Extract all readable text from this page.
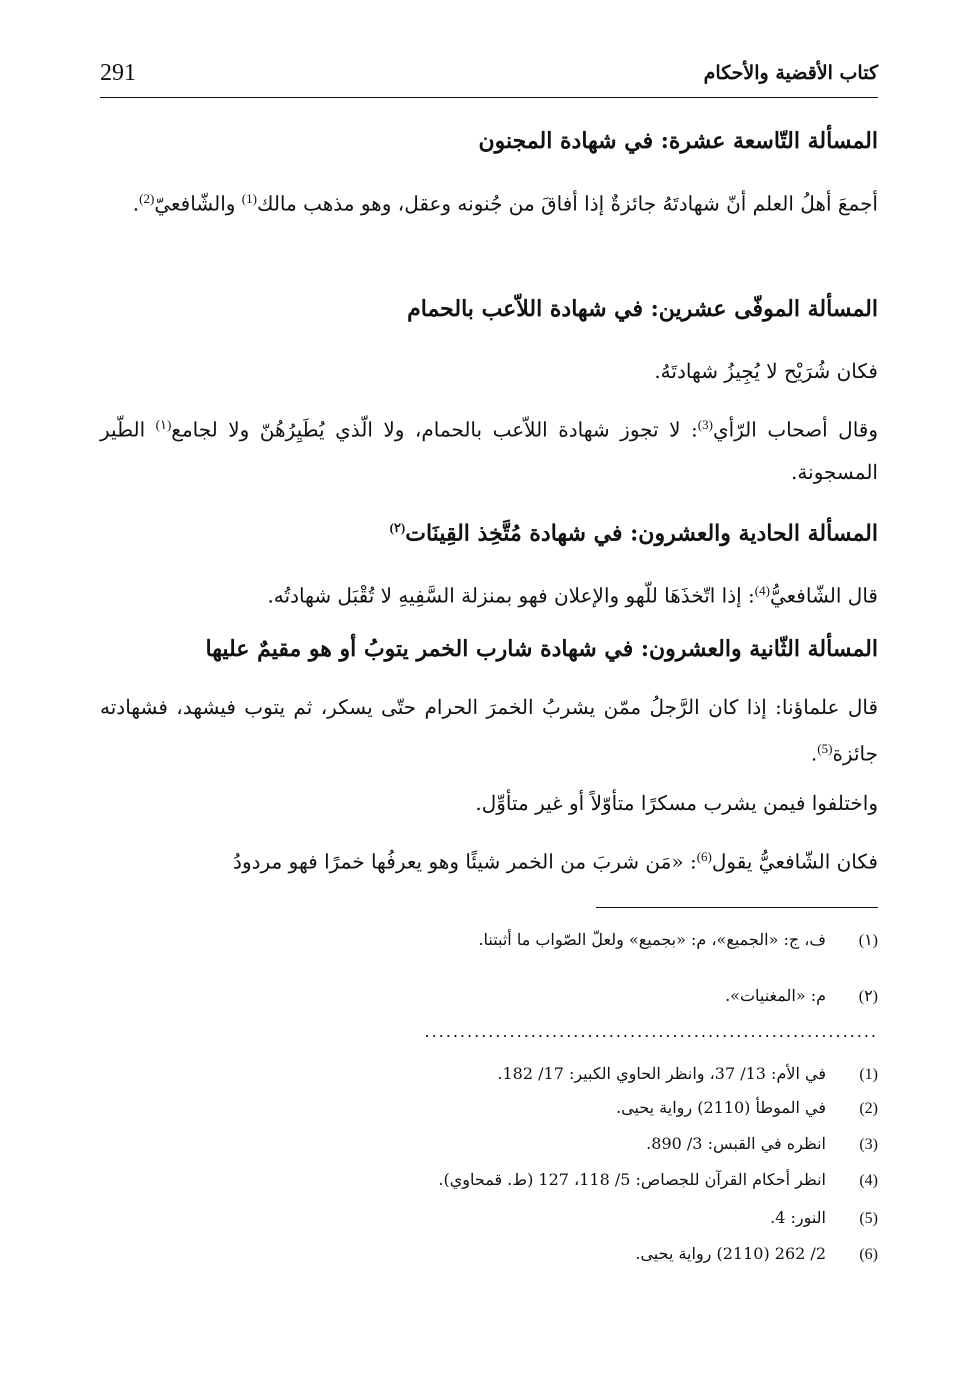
291	كتاب الأقضية والأحكام
المسألة التّاسعة عشرة: في شهادة المجنون
أجمعَ أهلُ العلم أنّ شهادتَهُ جائزةٌ إذا أفاقَ من جُنونه وعقل، وهو مذهب مالك$^{(1)}$ والشّافعيّ$^{(2)}$.
المسألة الموفّى عشرين: في شهادة اللاّعب بالحمام
فكان شُرَيْح لا يُجِيزُ شهادتَهُ.
وقال أصحاب الرّأي$^{(3)}$: لا تجوز شهادة اللاّعب بالحمام، ولا الّذي يُطَيِرُهُنّ ولا لجامع$^{(١)}$ الطّير المسجونة.
المسألة الحادية والعشرون: في شهادة مُتَّخِذ القِينَات$^{(٢)}$
قال الشّافعيُّ$^{(4)}$: إذا اتّخذَهَا للّهو والإعلان فهو بمنزلة السَّفِيهِ لا تُقْبَل شهادتُه.
المسألة الثّانية والعشرون: في شهادة شارب الخمر يتوبُ أو هو مقيمٌ عليها
قال علماؤنا: إذا كان الرَّجلُ ممّن يشربُ الخمرَ الحرام حتّى يسكر، ثم يتوب فيشهد، فشهادته جائزة$^{(5)}$.
واختلفوا فيمن يشرب مسكرًا متأوّلاً أو غير متأوِّل.
فكان الشّافعيُّ يقول$^{(6)}$: «مَن شربَ من الخمر شيئًا وهو يعرفُها خمرًا فهو مردودُ
(١)ف، ج: «الجميع»، م: «بجميع» ولعلّ الصّواب ما أثبتنا.
(٢)م: «المغنيات».
................................................................
(1)في الأم: 13/ 37، وانظر الحاوي الكبير: 17/ 182.
(2)في الموطأ (2110) رواية يحيى.
(3)انظره في القبس: 3/ 890.
(4)انظر أحكام القرآن للجصاص: 5/ 118، 127 (ط. قمحاوي).
(5)النور: 4.
(6)2/ 262 (2110) رواية يحيى.
